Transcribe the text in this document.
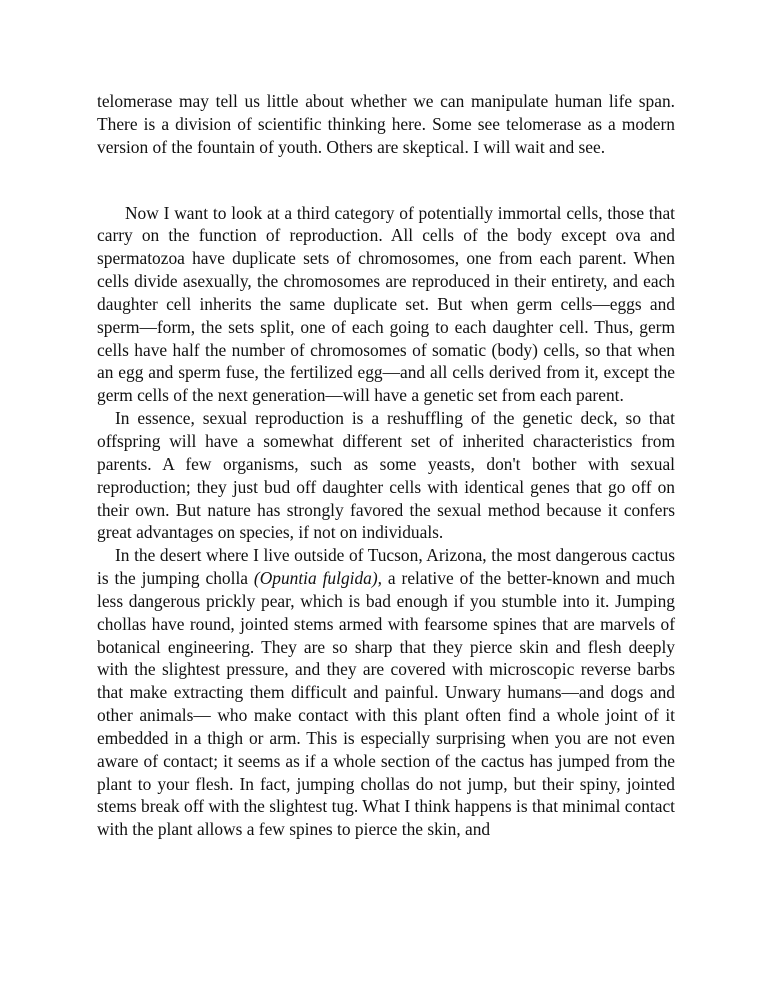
telomerase may tell us little about whether we can manipulate human life span. There is a division of scientific thinking here. Some see telomerase as a modern version of the fountain of youth. Others are skeptical. I will wait and see.

Now I want to look at a third category of potentially immortal cells, those that carry on the function of reproduction. All cells of the body except ova and spermatozoa have duplicate sets of chromosomes, one from each parent. When cells divide asexually, the chromosomes are reproduced in their entirety, and each daughter cell inherits the same duplicate set. But when germ cells—eggs and sperm—form, the sets split, one of each going to each daughter cell. Thus, germ cells have half the number of chromosomes of somatic (body) cells, so that when an egg and sperm fuse, the fertilized egg—and all cells derived from it, except the germ cells of the next generation—will have a genetic set from each parent.

In essence, sexual reproduction is a reshuffling of the genetic deck, so that offspring will have a somewhat different set of inherited characteristics from parents. A few organisms, such as some yeasts, don't bother with sexual reproduction; they just bud off daughter cells with identical genes that go off on their own. But nature has strongly favored the sexual method because it confers great advantages on species, if not on individuals.

In the desert where I live outside of Tucson, Arizona, the most dangerous cactus is the jumping cholla (Opuntia fulgida), a relative of the better-known and much less dangerous prickly pear, which is bad enough if you stumble into it. Jumping chollas have round, jointed stems armed with fearsome spines that are marvels of botanical engineering. They are so sharp that they pierce skin and flesh deeply with the slightest pressure, and they are covered with microscopic reverse barbs that make extracting them difficult and painful. Unwary humans—and dogs and other animals— who make contact with this plant often find a whole joint of it embedded in a thigh or arm. This is especially surprising when you are not even aware of contact; it seems as if a whole section of the cactus has jumped from the plant to your flesh. In fact, jumping chollas do not jump, but their spiny, jointed stems break off with the slightest tug. What I think happens is that minimal contact with the plant allows a few spines to pierce the skin, and
